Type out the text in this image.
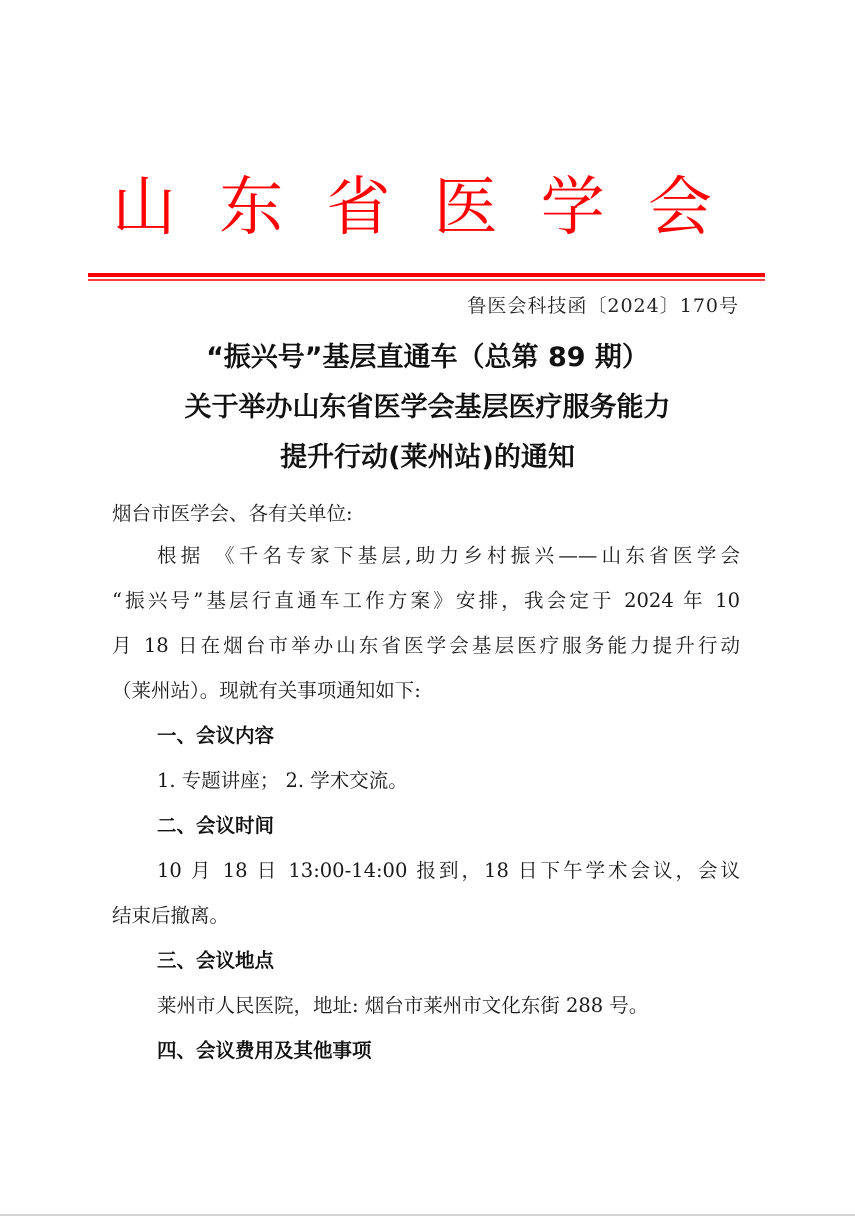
山 东 省 医 学 会
鲁医会科技函〔2024〕170号
“振兴号”基层直通车（总第 89 期）
关于举办山东省医学会基层医疗服务能力
提升行动(莱州站)的通知
烟台市医学会、各有关单位:
根据 《千名专家下基层,助力乡村振兴——山东省医学会
“振兴号”基层行直通车工作方案》安排，我会定于 2024 年 10
月 18 日在烟台市举办山东省医学会基层医疗服务能力提升行动
（莱州站）。现就有关事项通知如下:
一、会议内容
1. 专题讲座； 2. 学术交流。
二、会议时间
10 月 18 日 13:00-14:00 报到，18 日下午学术会议，会议
结束后撤离。
三、会议地点
莱州市人民医院，地址: 烟台市莱州市文化东街 288 号。
四、会议费用及其他事项
